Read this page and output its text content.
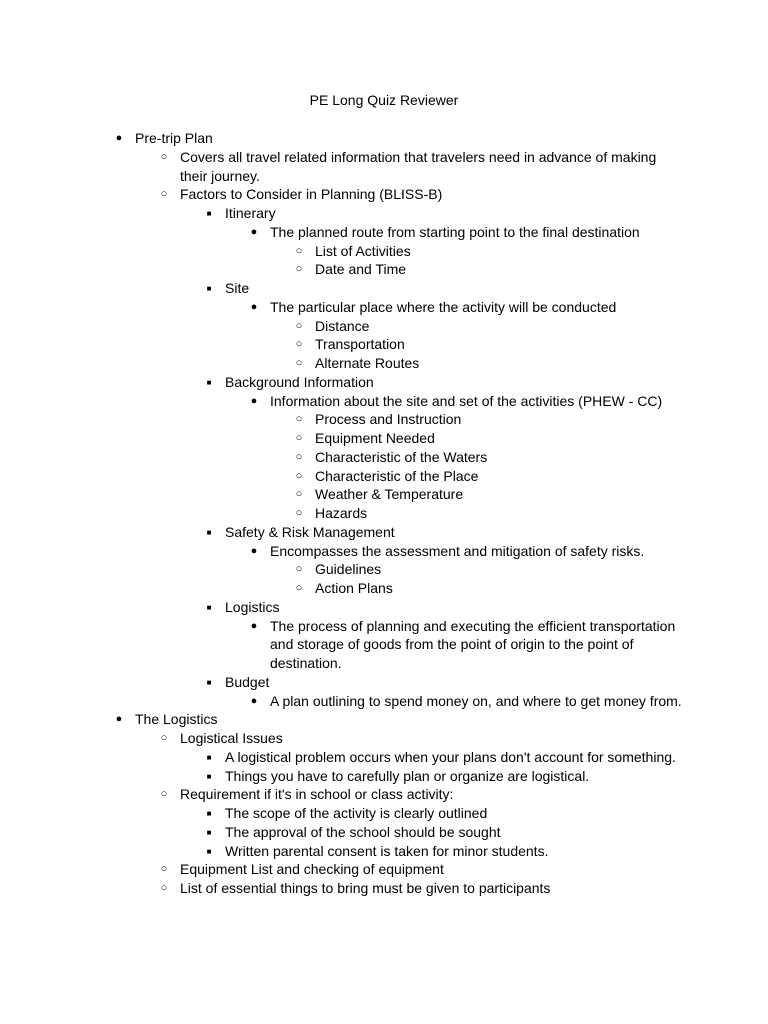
PE Long Quiz Reviewer
● Pre-trip Plan
○ Covers all travel related information that travelers need in advance of making
their journey.
○ Factors to Consider in Planning (BLISS-B)
■ Itinerary
● The planned route from starting point to the final destination
○ List of Activities
○ Date and Time
■ Site
● The particular place where the activity will be conducted
○ Distance
○ Transportation
○ Alternate Routes
■ Background Information
● Information about the site and set of the activities (PHEW - CC)
○ Process and Instruction
○ Equipment Needed
○ Characteristic of the Waters
○ Characteristic of the Place
○ Weather & Temperature
○ Hazards
■ Safety & Risk Management
● Encompasses the assessment and mitigation of safety risks.
○ Guidelines
○ Action Plans
■ Logistics
● The process of planning and executing the efficient transportation
and storage of goods from the point of origin to the point of
destination.
■ Budget
● A plan outlining to spend money on, and where to get money from.
● The Logistics
○ Logistical Issues
■ A logistical problem occurs when your plans don't account for something.
■ Things you have to carefully plan or organize are logistical.
○ Requirement if it's in school or class activity:
■ The scope of the activity is clearly outlined
■ The approval of the school should be sought
■ Written parental consent is taken for minor students.
○ Equipment List and checking of equipment
○ List of essential things to bring must be given to participants
